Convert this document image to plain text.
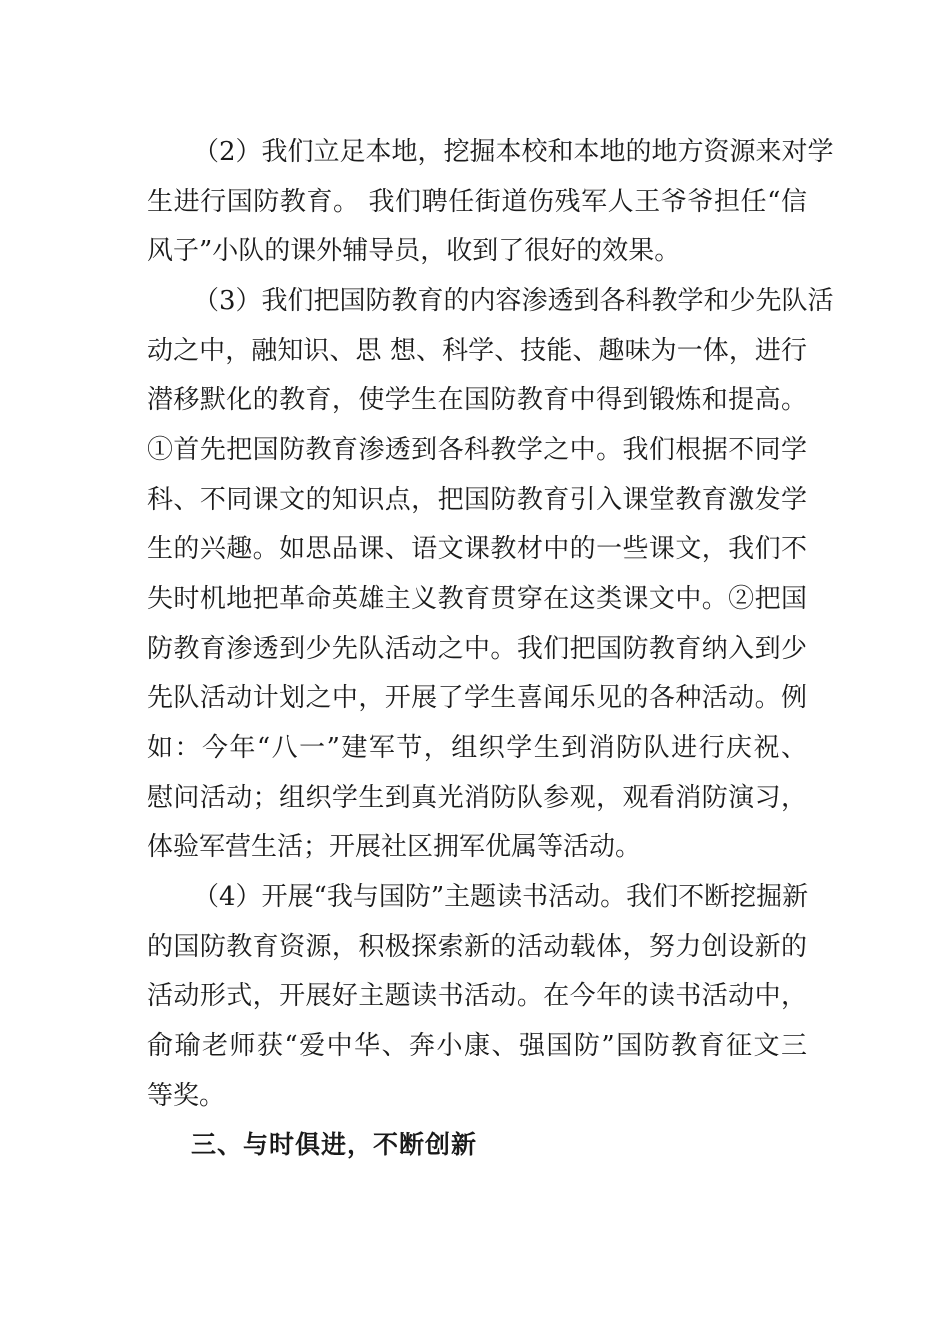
（2）我们立足本地，挖掘本校和本地的地方资源来对学
生进行国防教育。 我们聘任街道伤残军人王爷爷担任“信
风子”小队的课外辅导员，收到了很好的效果。
（3）我们把国防教育的内容渗透到各科教学和少先队活
动之中，融知识、思 想、科学、技能、趣味为一体，进行
潜移默化的教育，使学生在国防教育中得到锻炼和提高。
①首先把国防教育渗透到各科教学之中。我们根据不同学
科、不同课文的知识点，把国防教育引入课堂教育激发学
生的兴趣。如思品课、语文课教材中的一些课文，我们不
失时机地把革命英雄主义教育贯穿在这类课文中。②把国
防教育渗透到少先队活动之中。我们把国防教育纳入到少
先队活动计划之中，开展了学生喜闻乐见的各种活动。例
如：今年“八一”建军节，组织学生到消防队进行庆祝、
慰问活动；组织学生到真光消防队参观，观看消防演习，
体验军营生活；开展社区拥军优属等活动。
（4）开展“我与国防”主题读书活动。我们不断挖掘新
的国防教育资源，积极探索新的活动载体，努力创设新的
活动形式，开展好主题读书活动。在今年的读书活动中，
俞瑜老师获“爱中华、奔小康、强国防”国防教育征文三
等奖。
三、与时俱进，不断创新
